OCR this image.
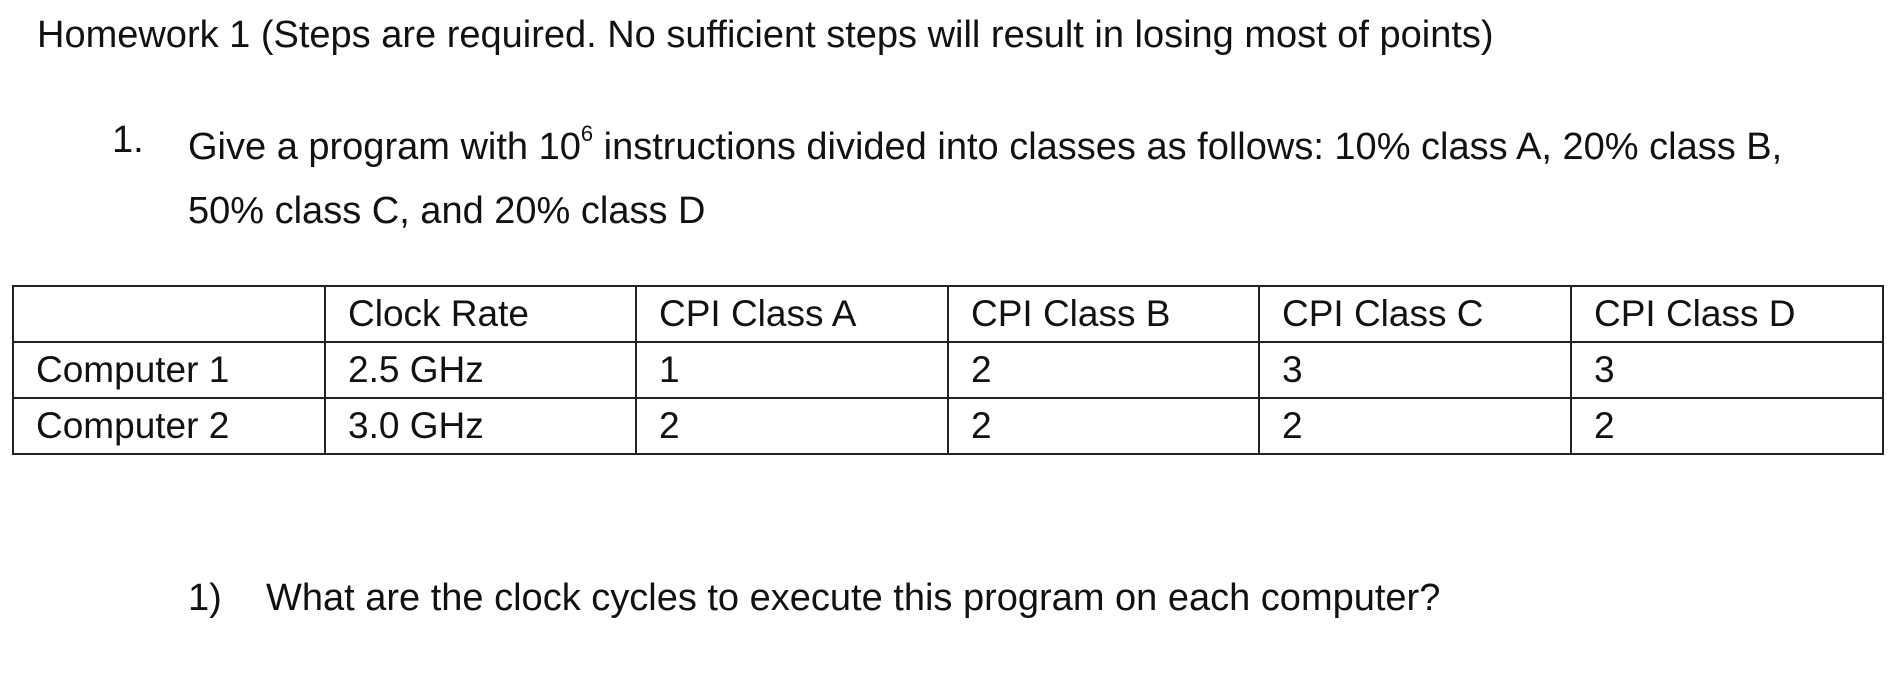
Homework 1 (Steps are required. No sufficient steps will result in losing most of points)
1. Give a program with $10^6$ instructions divided into classes as follows: 10% class A, 20% class B, 50% class C, and 20% class D
	Clock Rate	CPI Class A	CPI Class B	CPI Class C	CPI Class D
Computer 1	2.5 GHz	1	2	3	3
Computer 2	3.0 GHz	2	2	2	2
1) What are the clock cycles to execute this program on each computer?
